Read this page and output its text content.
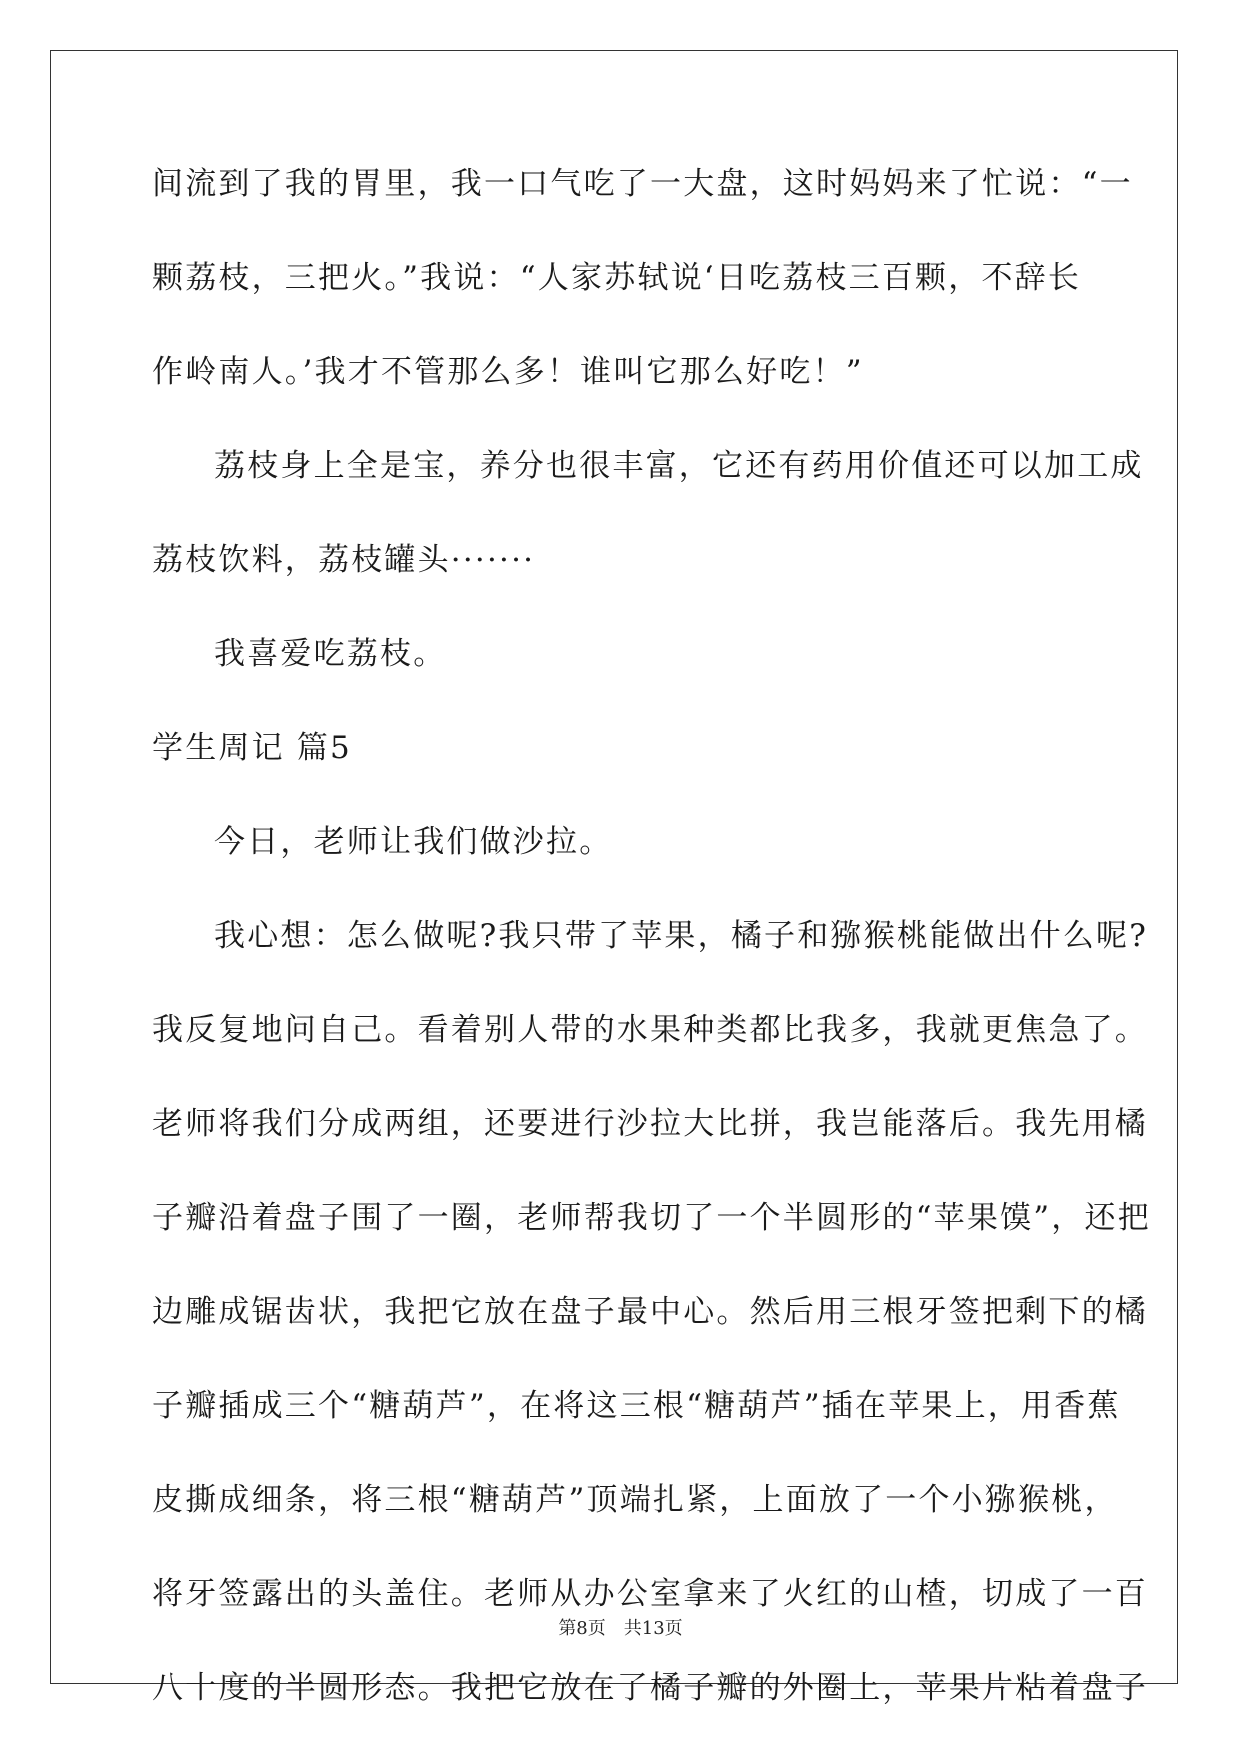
间流到了我的胃里，我一口气吃了一大盘，这时妈妈来了忙说：“一
颗荔枝，三把火。”我说：“人家苏轼说‘日吃荔枝三百颗，不辞长
作岭南人。’我才不管那么多！谁叫它那么好吃！”
荔枝身上全是宝，养分也很丰富，它还有药用价值还可以加工成
荔枝饮料，荔枝罐头·······
我喜爱吃荔枝。
学生周记 篇5
今日，老师让我们做沙拉。
我心想：怎么做呢?我只带了苹果，橘子和猕猴桃能做出什么呢?
我反复地问自己。看着别人带的水果种类都比我多，我就更焦急了。
老师将我们分成两组，还要进行沙拉大比拼，我岂能落后。我先用橘
子瓣沿着盘子围了一圈，老师帮我切了一个半圆形的“苹果馍”，还把
边雕成锯齿状，我把它放在盘子最中心。然后用三根牙签把剩下的橘
子瓣插成三个“糖葫芦”，在将这三根“糖葫芦”插在苹果上，用香蕉
皮撕成细条，将三根“糖葫芦”顶端扎紧，上面放了一个小猕猴桃，
将牙签露出的头盖住。老师从办公室拿来了火红的山楂，切成了一百
八十度的半圆形态。我把它放在了橘子瓣的外圈上，苹果片粘着盘子
第8页 共13页
